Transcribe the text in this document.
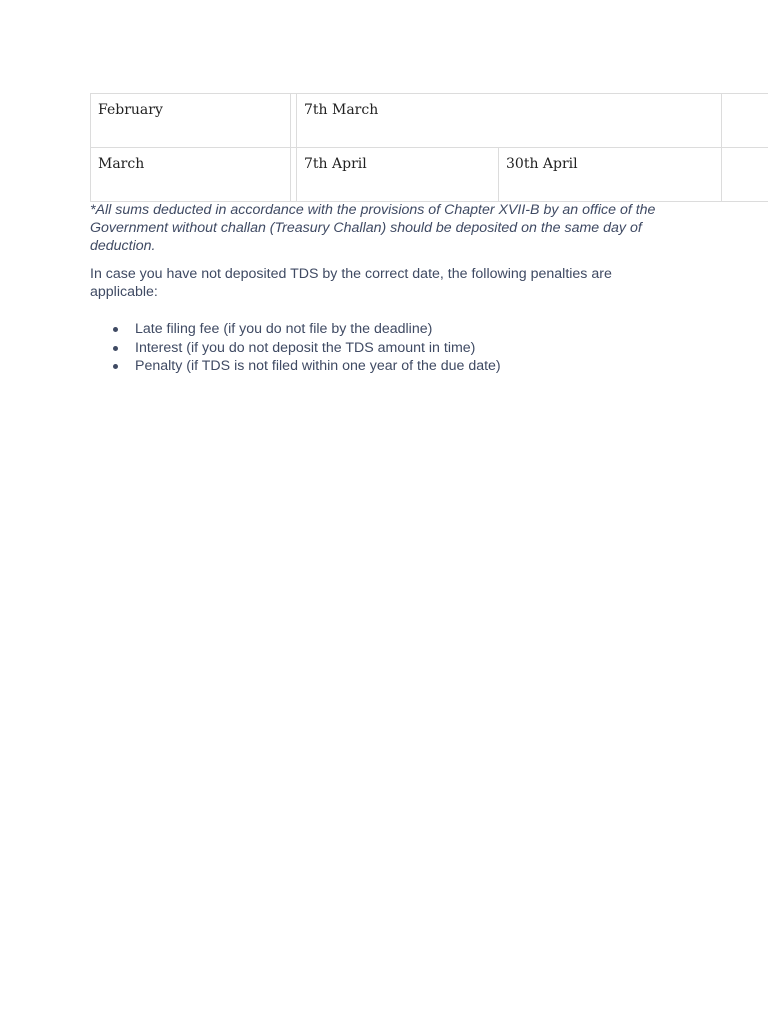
February	7th March
March	7th April	30th April

*All sums deducted in accordance with the provisions of Chapter XVII-B by an office of the Government without challan (Treasury Challan) should be deposited on the same day of deduction.

In case you have not deposited TDS by the correct date, the following penalties are applicable:

Late filing fee (if you do not file by the deadline)
Interest (if you do not deposit the TDS amount in time)
Penalty (if TDS is not filed within one year of the due date)
